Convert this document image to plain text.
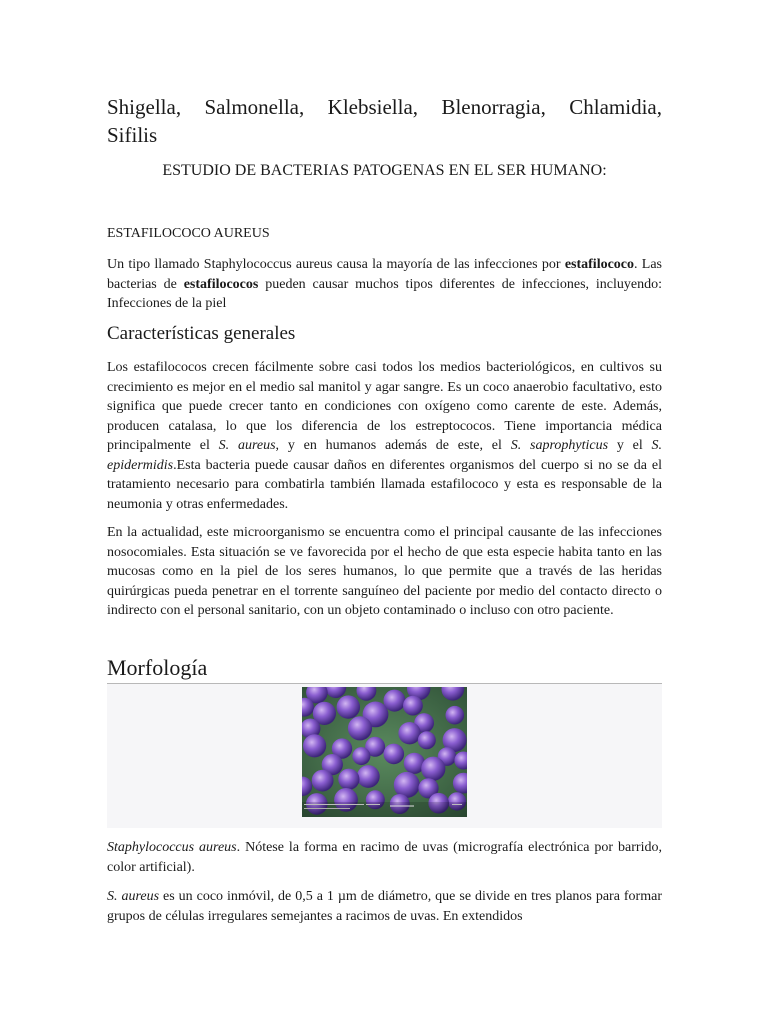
Shigella, Salmonella, Klebsiella, Blenorragia, Chlamidia,
Sifilis
ESTUDIO DE BACTERIAS PATOGENAS EN EL SER HUMANO:
ESTAFILOCOCO AUREUS

Un tipo llamado Staphylococcus aureus causa la mayoría de las infecciones por estafilococo. Las bacterias de estafilococos pueden causar muchos tipos diferentes de infecciones, incluyendo: Infecciones de la piel

Características generales

Los estafilococos crecen fácilmente sobre casi todos los medios bacteriológicos, en cultivos su crecimiento es mejor en el medio sal manitol y agar sangre. Es un coco anaerobio facultativo, esto significa que puede crecer tanto en condiciones con oxígeno como carente de este. Además, producen catalasa, lo que los diferencia de los estreptococos. Tiene importancia médica principalmente el S. aureus, y en humanos además de este, el S. saprophyticus y el S. epidermidis.Esta bacteria puede causar daños en diferentes organismos del cuerpo si no se da el tratamiento necesario para combatirla también llamada estafilococo y esta es responsable de la neumonia y otras enfermedades.

En la actualidad, este microorganismo se encuentra como el principal causante de las infecciones nosocomiales. Esta situación se ve favorecida por el hecho de que esta especie habita tanto en las mucosas como en la piel de los seres humanos, lo que permite que a través de las heridas quirúrgicas pueda penetrar en el torrente sanguíneo del paciente por medio del contacto directo o indirecto con el personal sanitario, con un objeto contaminado o incluso con otro paciente.

Morfología

Staphylococcus aureus. Nótese la forma en racimo de uvas (micrografía electrónica por barrido, color artificial).

S. aureus es un coco inmóvil, de 0,5 a 1 µm de diámetro, que se divide en tres planos para formar grupos de células irregulares semejantes a racimos de uvas. En extendidos
